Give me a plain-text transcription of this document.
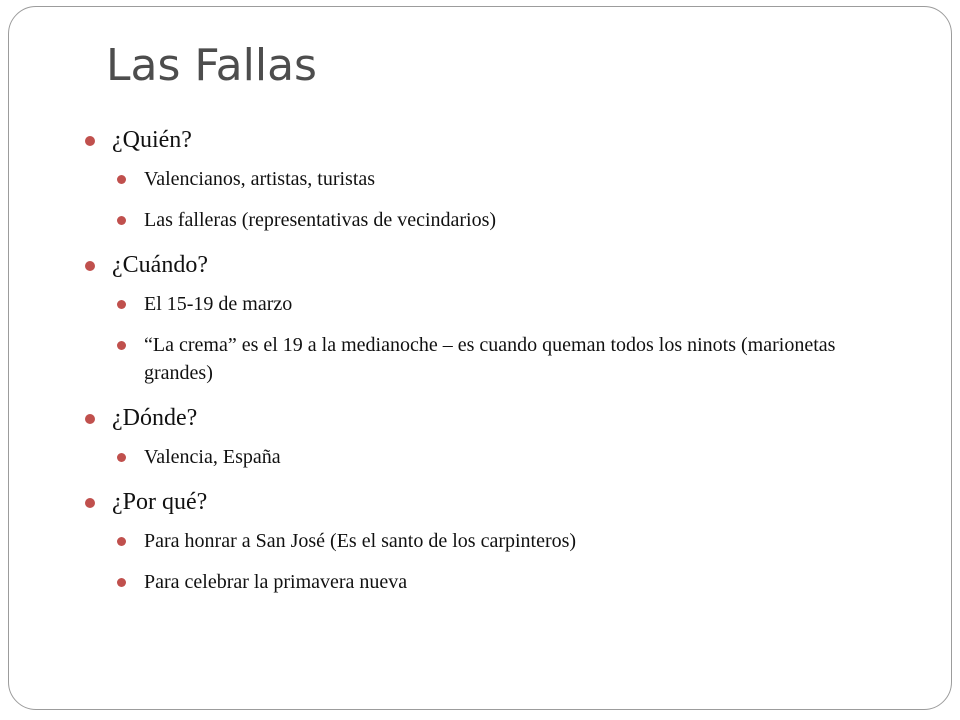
Las Fallas
¿Quién?
Valencianos, artistas, turistas
Las falleras (representativas de vecindarios)
¿Cuándo?
El 15-19 de marzo
“La crema” es el 19 a la medianoche – es cuando queman todos los ninots (marionetas grandes)
¿Dónde?
Valencia, España
¿Por qué?
Para honrar a San José (Es el santo de los carpinteros)
Para celebrar la primavera nueva
